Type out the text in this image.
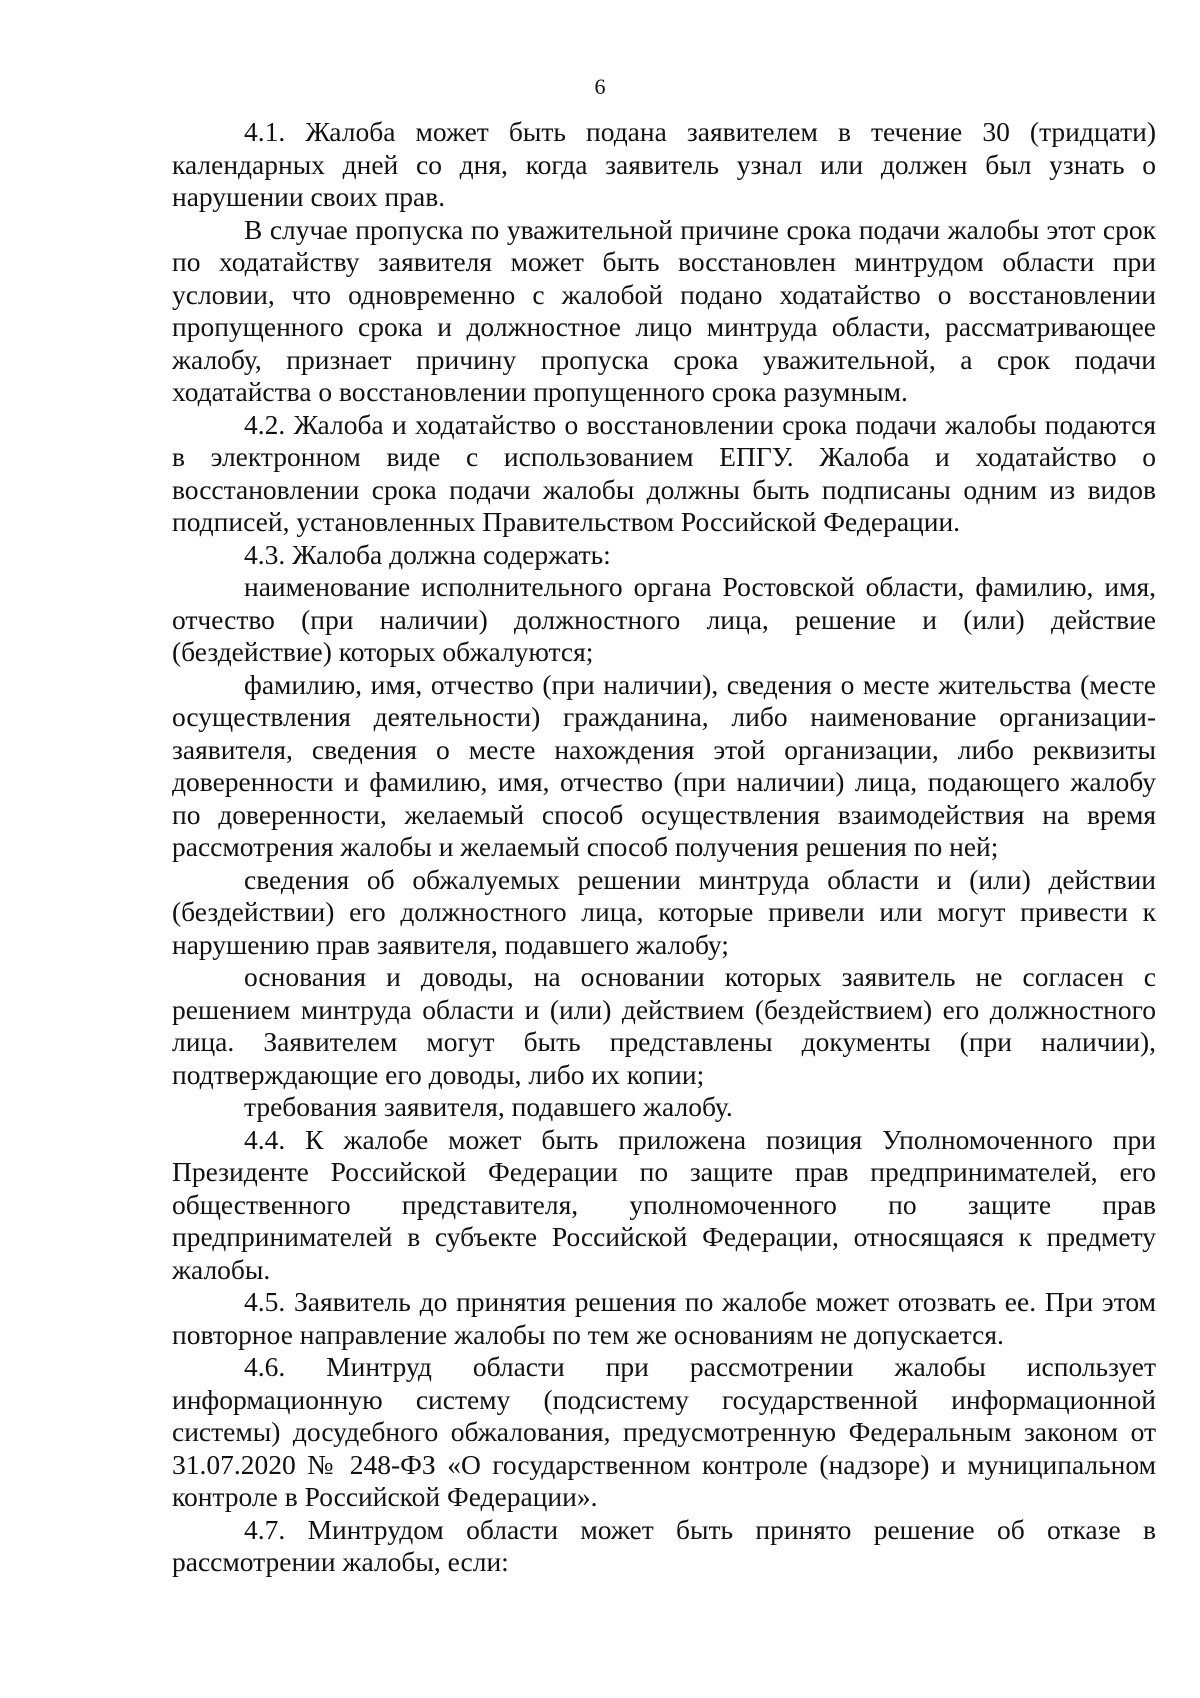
6

4.1. Жалоба может быть подана заявителем в течение 30 (тридцати) календарных дней со дня, когда заявитель узнал или должен был узнать о нарушении своих прав.

В случае пропуска по уважительной причине срока подачи жалобы этот срок по ходатайству заявителя может быть восстановлен минтрудом области при условии, что одновременно с жалобой подано ходатайство о восстановлении пропущенного срока и должностное лицо минтруда области, рассматривающее жалобу, признает причину пропуска срока уважительной, а срок подачи ходатайства о восстановлении пропущенного срока разумным.

4.2. Жалоба и ходатайство о восстановлении срока подачи жалобы подаются в электронном виде с использованием ЕПГУ. Жалоба и ходатайство о восстановлении срока подачи жалобы должны быть подписаны одним из видов подписей, установленных Правительством Российской Федерации.

4.3. Жалоба должна содержать:

наименование исполнительного органа Ростовской области, фамилию, имя, отчество (при наличии) должностного лица, решение и (или) действие (бездействие) которых обжалуются;

фамилию, имя, отчество (при наличии), сведения о месте жительства (месте осуществления деятельности) гражданина, либо наименование организации-заявителя, сведения о месте нахождения этой организации, либо реквизиты доверенности и фамилию, имя, отчество (при наличии) лица, подающего жалобу по доверенности, желаемый способ осуществления взаимодействия на время рассмотрения жалобы и желаемый способ получения решения по ней;

сведения об обжалуемых решении минтруда области и (или) действии (бездействии) его должностного лица, которые привели или могут привести к нарушению прав заявителя, подавшего жалобу;

основания и доводы, на основании которых заявитель не согласен с решением минтруда области и (или) действием (бездействием) его должностного лица. Заявителем могут быть представлены документы (при наличии), подтверждающие его доводы, либо их копии;

требования заявителя, подавшего жалобу.

4.4. К жалобе может быть приложена позиция Уполномоченного при Президенте Российской Федерации по защите прав предпринимателей, его общественного представителя, уполномоченного по защите прав предпринимателей в субъекте Российской Федерации, относящаяся к предмету жалобы.

4.5. Заявитель до принятия решения по жалобе может отозвать ее. При этом повторное направление жалобы по тем же основаниям не допускается.

4.6. Минтруд области при рассмотрении жалобы использует информационную систему (подсистему государственной информационной системы) досудебного обжалования, предусмотренную Федеральным законом от 31.07.2020 № 248-ФЗ «О государственном контроле (надзоре) и муниципальном контроле в Российской Федерации».

4.7. Минтрудом области может быть принято решение об отказе в рассмотрении жалобы, если:
